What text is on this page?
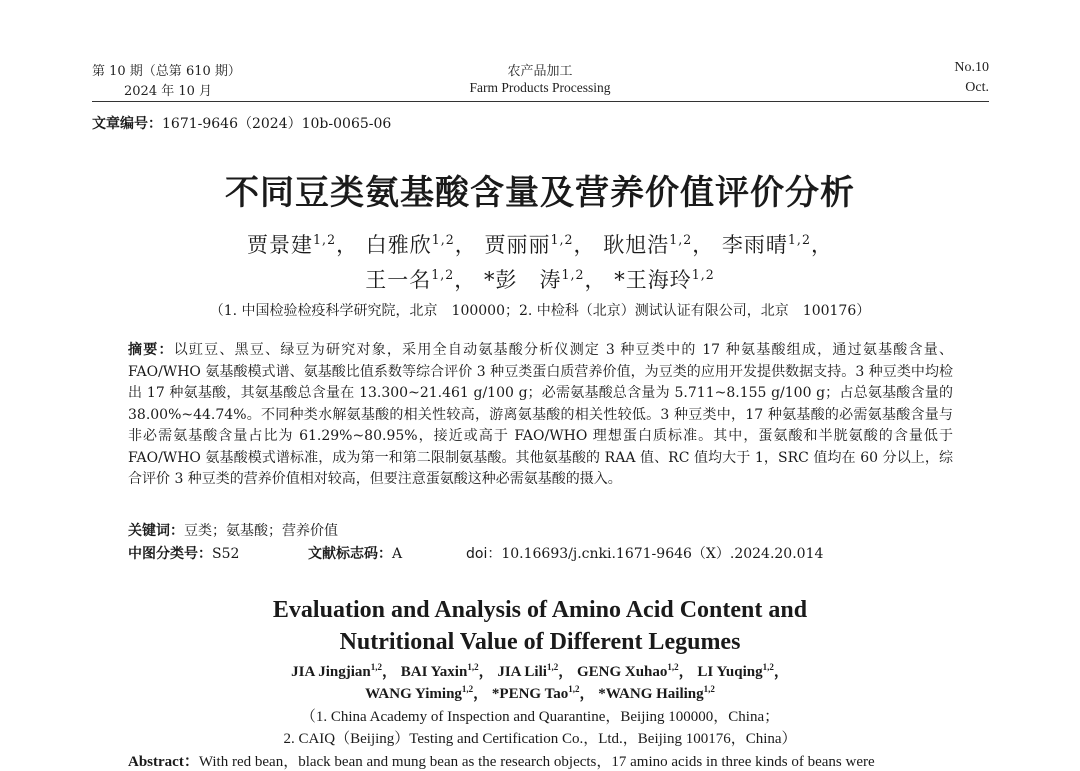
第 10 期（总第 610 期）
2024 年 10 月
农产品加工
Farm Products Processing
No.10
Oct.
文章编号：1671-9646（2024）10b-0065-06
不同豆类氨基酸含量及营养价值评价分析
贾景建$^{1,2}$， 白雅欣$^{1,2}$， 贾丽丽$^{1,2}$， 耿旭浩$^{1,2}$， 李雨晴$^{1,2}$，
王一名$^{1,2}$， *彭　涛$^{1,2}$， *王海玲$^{1,2}$
（1. 中国检验检疫科学研究院，北京　100000；2. 中检科（北京）测试认证有限公司，北京　100176）
摘要：以豇豆、黑豆、绿豆为研究对象，采用全自动氨基酸分析仪测定 3 种豆类中的 17 种氨基酸组成，通过氨基酸含量、FAO/WHO 氨基酸模式谱、氨基酸比值系数等综合评价 3 种豆类蛋白质营养价值，为豆类的应用开发提供数据支持。3 种豆类中均检出 17 种氨基酸，其氨基酸总含量在 13.300~21.461 g/100 g；必需氨基酸总含量为 5.711~8.155 g/100 g；占总氨基酸含量的 38.00%~44.74%。不同种类水解氨基酸的相关性较高，游离氨基酸的相关性较低。3 种豆类中，17 种氨基酸的必需氨基酸含量与非必需氨基酸含量占比为 61.29%~80.95%，接近或高于 FAO/WHO 理想蛋白质标准。其中，蛋氨酸和半胱氨酸的含量低于 FAO/WHO 氨基酸模式谱标准，成为第一和第二限制氨基酸。其他氨基酸的 RAA 值、RC 值均大于 1，SRC 值均在 60 分以上，综合评价 3 种豆类的营养价值相对较高，但要注意蛋氨酸这种必需氨基酸的摄入。
关键词：豆类；氨基酸；营养价值
中图分类号：S52	文献标志码：A	doi：10.16693/j.cnki.1671-9646（X）.2024.20.014
Evaluation and Analysis of Amino Acid Content and
Nutritional Value of Different Legumes
JIA Jingjian$^{1,2}$， BAI Yaxin$^{1,2}$， JIA Lili$^{1,2}$， GENG Xuhao$^{1,2}$， LI Yuqing$^{1,2}$，
WANG Yiming$^{1,2}$， *PENG Tao$^{1,2}$， *WANG Hailing$^{1,2}$
（1. China Academy of Inspection and Quarantine，Beijing 100000，China；
2. CAIQ（Beijing）Testing and Certification Co.，Ltd.，Beijing 100176，China）
Abstract：With red bean，black bean and mung bean as the research objects，17 amino acids in three kinds of beans were
